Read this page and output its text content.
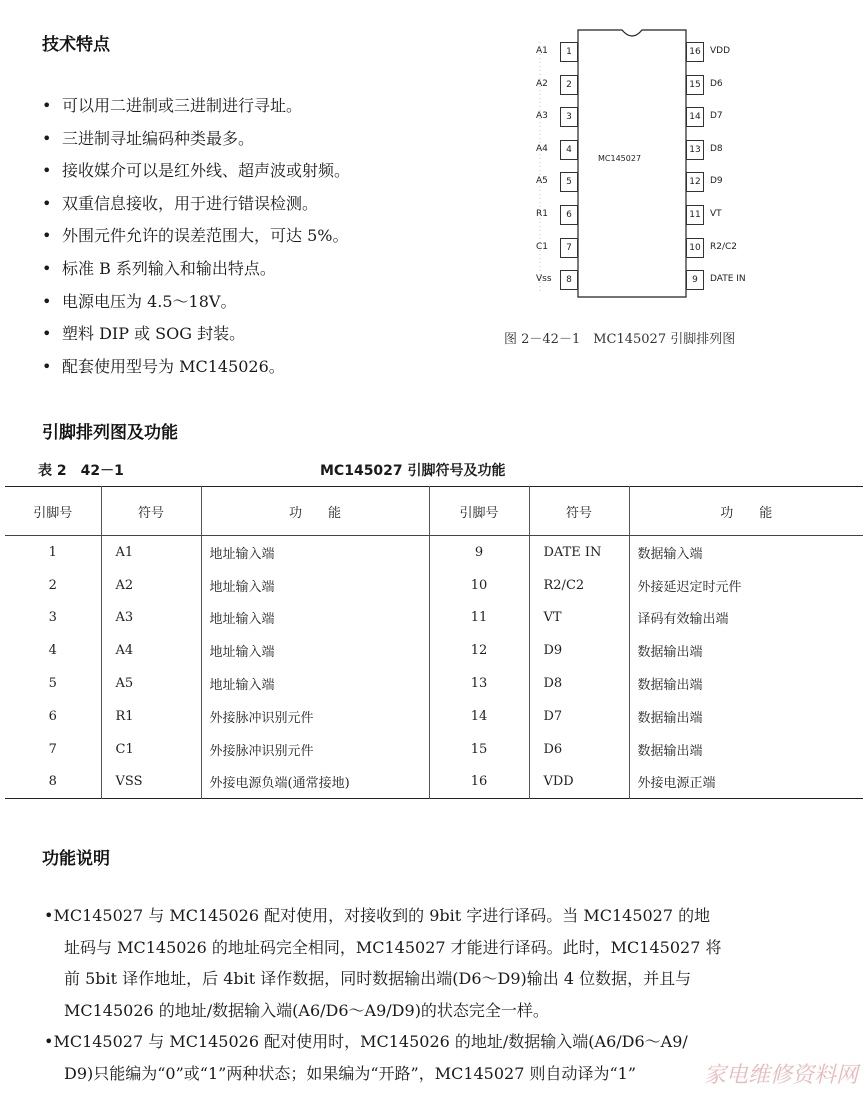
技术特点
• 可以用二进制或三进制进行寻址。
• 三进制寻址编码种类最多。
• 接收媒介可以是红外线、超声波或射频。
• 双重信息接收，用于进行错误检测。
• 外围元件允许的误差范围大，可达 5%。
• 标准 B 系列输入和输出特点。
• 电源电压为 4.5～18V。
• 塑料 DIP 或 SOG 封装。
• 配套使用型号为 MC145026。
MC145027
1
A1
2
A2
3
A3
4
A4
5
A5
6
R1
7
C1
8
Vss
16	VDD
15	D6
14	D7
13	D8
12	D9
11	VT
10	R2/C2
9	DATE IN
图 2－42－1　MC145027 引脚排列图
引脚排列图及功能
表 2　42－1	MC145027 引脚符号及功能
引脚号	符号	功　　能	引脚号	符号	功　　能
1	A1	地址输入端	9	DATE IN	数据输入端
2	A2	地址输入端	10	R2/C2	外接延迟定时元件
3	A3	地址输入端	11	VT	译码有效输出端
4	A4	地址输入端	12	D9	数据输出端
5	A5	地址输入端	13	D8	数据输出端
6	R1	外接脉冲识别元件	14	D7	数据输出端
7	C1	外接脉冲识别元件	15	D6	数据输出端
8	VSS	外接电源负端(通常接地)	16	VDD	外接电源正端
功能说明
•MC145027 与 MC145026 配对使用，对接收到的 9bit 字进行译码。当 MC145027 的地
址码与 MC145026 的地址码完全相同，MC145027 才能进行译码。此时，MC145027 将
前 5bit 译作地址，后 4bit 译作数据，同时数据输出端(D6～D9)输出 4 位数据，并且与
MC145026 的地址/数据输入端(A6/D6～A9/D9)的状态完全一样。
•MC145027 与 MC145026 配对使用时，MC145026 的地址/数据输入端(A6/D6～A9/
D9)只能编为“0”或“1”两种状态；如果编为“开路”，MC145027 则自动译为“1”	家电维修资料网
